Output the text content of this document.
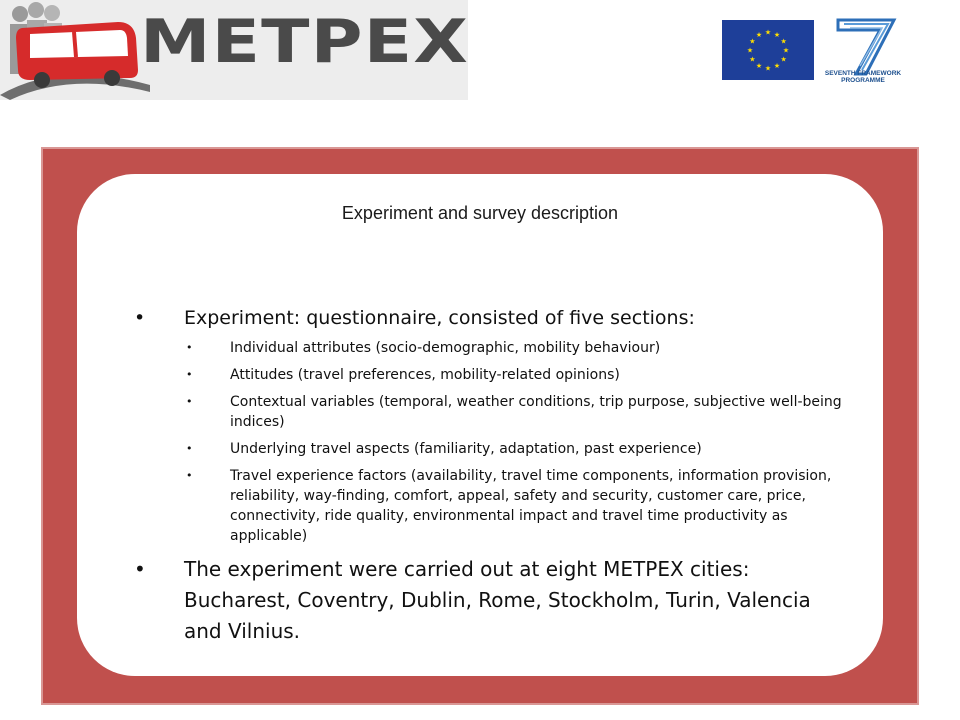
METPEX	★ ★
★
★
★
★
★
★
★
★
★
★
SEVENTH FRAMEWORK PROGRAMME
Experiment and survey description
• Experiment: questionnaire, consisted of five sections:
• Individual attributes (socio-demographic, mobility behaviour)
• Attitudes (travel preferences, mobility-related opinions)
• Contextual variables (temporal, weather conditions, trip purpose, subjective well-being indices)
• Underlying travel aspects (familiarity, adaptation, past experience)
• Travel experience factors (availability, travel time components, information provision, reliability, way-finding, comfort, appeal, safety and security, customer care, price, connectivity, ride quality, environmental impact and travel time productivity as applicable)
• The experiment were carried out at eight METPEX cities: Bucharest, Coventry, Dublin, Rome, Stockholm, Turin, Valencia and Vilnius.
